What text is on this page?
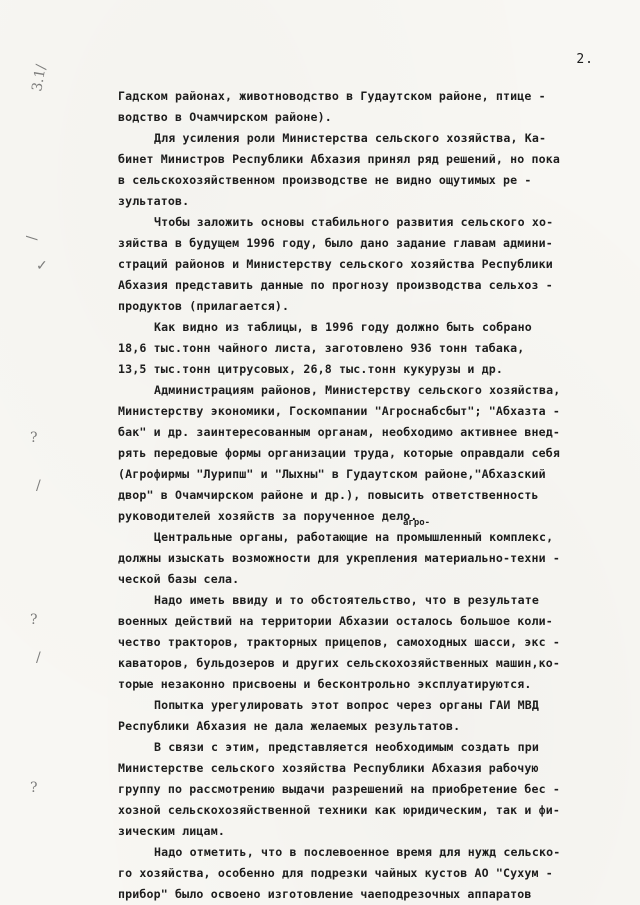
2.
3.1/
/
✓
?
/
?
/
?
агро-
Гадском районах, животноводство в Гудаутском районе, птице -
водство в Очамчирском районе).
Для усиления роли Министерства сельского хозяйства, Ка-
бинет Министров Республики Абхазия принял ряд решений, но пока
в сельскохозяйственном производстве не видно ощутимых ре -
зультатов.
Чтобы заложить основы стабильного развития сельского хо-
зяйства в будущем 1996 году, было дано задание главам админи-
страций районов и Министерству сельского хозяйства Республики
Абхазия представить данные по прогнозу производства сельхоз -
продуктов (прилагается).
Как видно из таблицы, в 1996 году должно быть собрано
18,6 тыс.тонн чайного листа, заготовлено 936 тонн табака,
13,5 тыс.тонн цитрусовых, 26,8 тыс.тонн кукурузы и др.
Администрациям районов, Министерству сельского хозяйства,
Министерству экономики, Госкомпании "Агроснабсбыт"; "Абхазта -
бак" и др. заинтересованным органам, необходимо активнее внед-
рять передовые формы организации труда, которые оправдали себя
(Агрофирмы "Лурипш" и "Лыхны" в Гудаутском районе,"Абхазский
двор" в Очамчирском районе и др.), повысить ответственность
руководителей хозяйств за порученное дело.
Центральные органы, работающие на промышленный комплекс,
должны изыскать возможности для укрепления материально-техни -
ческой базы села.
Надо иметь ввиду и то обстоятельство, что в результате
военных действий на территории Абхазии осталось большое коли-
чество тракторов, тракторных прицепов, самоходных шасси, экс -
каваторов, бульдозеров и других сельскохозяйственных машин,ко-
торые незаконно присвоены и бесконтрольно эксплуатируются.
Попытка урегулировать этот вопрос через органы ГАИ МВД
Республики Абхазия не дала желаемых результатов.
В связи с этим, представляется необходимым создать при
Министерстве сельского хозяйства Республики Абхазия рабочую
группу по рассмотрению выдачи разрешений на приобретение бес -
хозной сельскохозяйственной техники как юридическим, так и фи-
зическим лицам.
Надо отметить, что в послевоенное время для нужд сельско-
го хозяйства, особенно для подрезки чайных кустов АО "Сухум -
прибор" было освоено изготовление чаеподрезочных аппаратов
